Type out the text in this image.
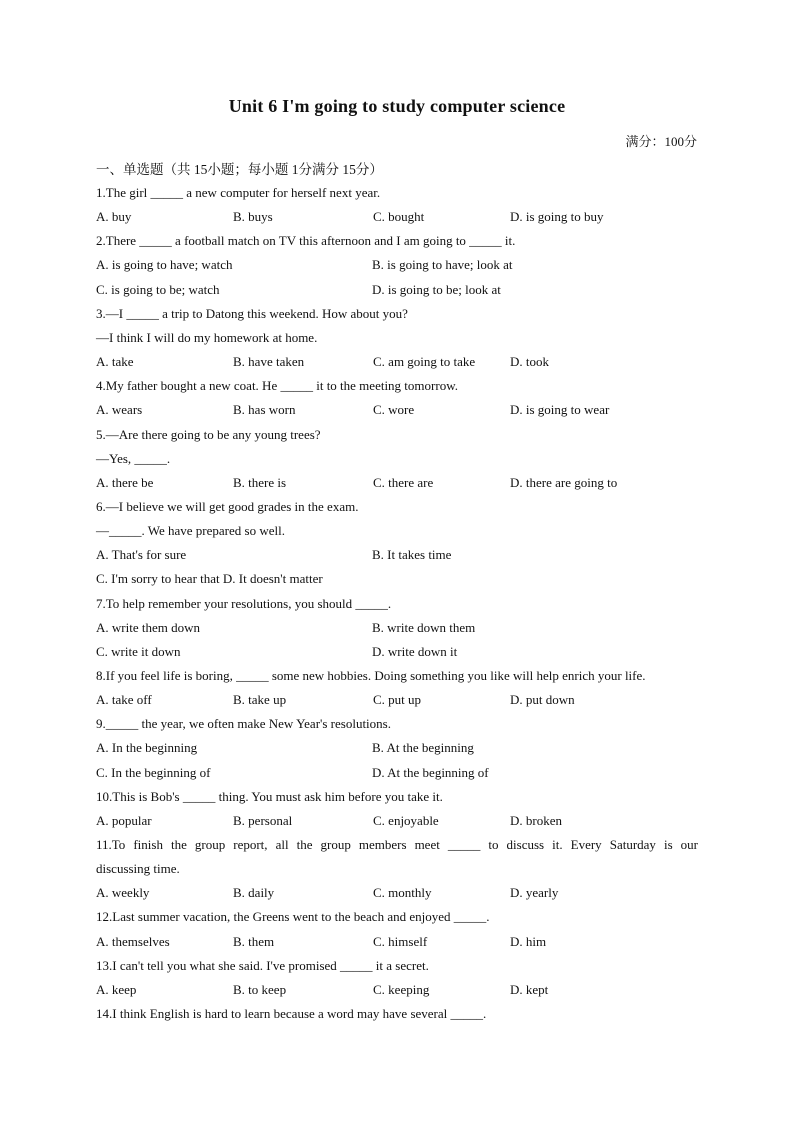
Unit 6 I'm going to study computer science
满分：100分
一、单选题（共 15小题；每小题 1分满分 15分）
1.The girl _____ a new computer for herself next year.
A. buy	B. buys	C. bought	D. is going to buy
2.There _____ a football match on TV this afternoon and I am going to _____ it.
A. is going to have; watch	B. is going to have; look at
C. is going to be; watch	D. is going to be; look at
3.—I _____ a trip to Datong this weekend. How about you?
—I think I will do my homework at home.
A. take	B. have taken	C. am going to take	D. took
4.My father bought a new coat. He _____ it to the meeting tomorrow.
A. wears	B. has worn	C. wore	D. is going to wear
5.—Are there going to be any young trees?
—Yes, _____.
A. there be	B. there is	C. there are	D. there are going to
6.—I believe we will get good grades in the exam.
—_____. We have prepared so well.
A. That's for sure	B. It takes time
C. I'm sorry to hear that D. It doesn't matter
7.To help remember your resolutions, you should _____.
A. write them down	B. write down them
C. write it down	D. write down it
8.If you feel life is boring, _____ some new hobbies. Doing something you like will help enrich your life.
A. take off	B. take up	C. put up	D. put down
9._____ the year, we often make New Year's resolutions.
A. In the beginning	B. At the beginning
C. In the beginning of	D. At the beginning of
10.This is Bob's _____ thing. You must ask him before you take it.
A. popular	B. personal	C. enjoyable	D. broken
11.To finish the group report, all the group members meet _____ to discuss it. Every Saturday is our
discussing time.
A. weekly	B. daily	C. monthly	D. yearly
12.Last summer vacation, the Greens went to the beach and enjoyed _____.
A. themselves	B. them	C. himself	D. him
13.I can't tell you what she said. I've promised _____ it a secret.
A. keep	B. to keep	C. keeping	D. kept
14.I think English is hard to learn because a word may have several _____.
